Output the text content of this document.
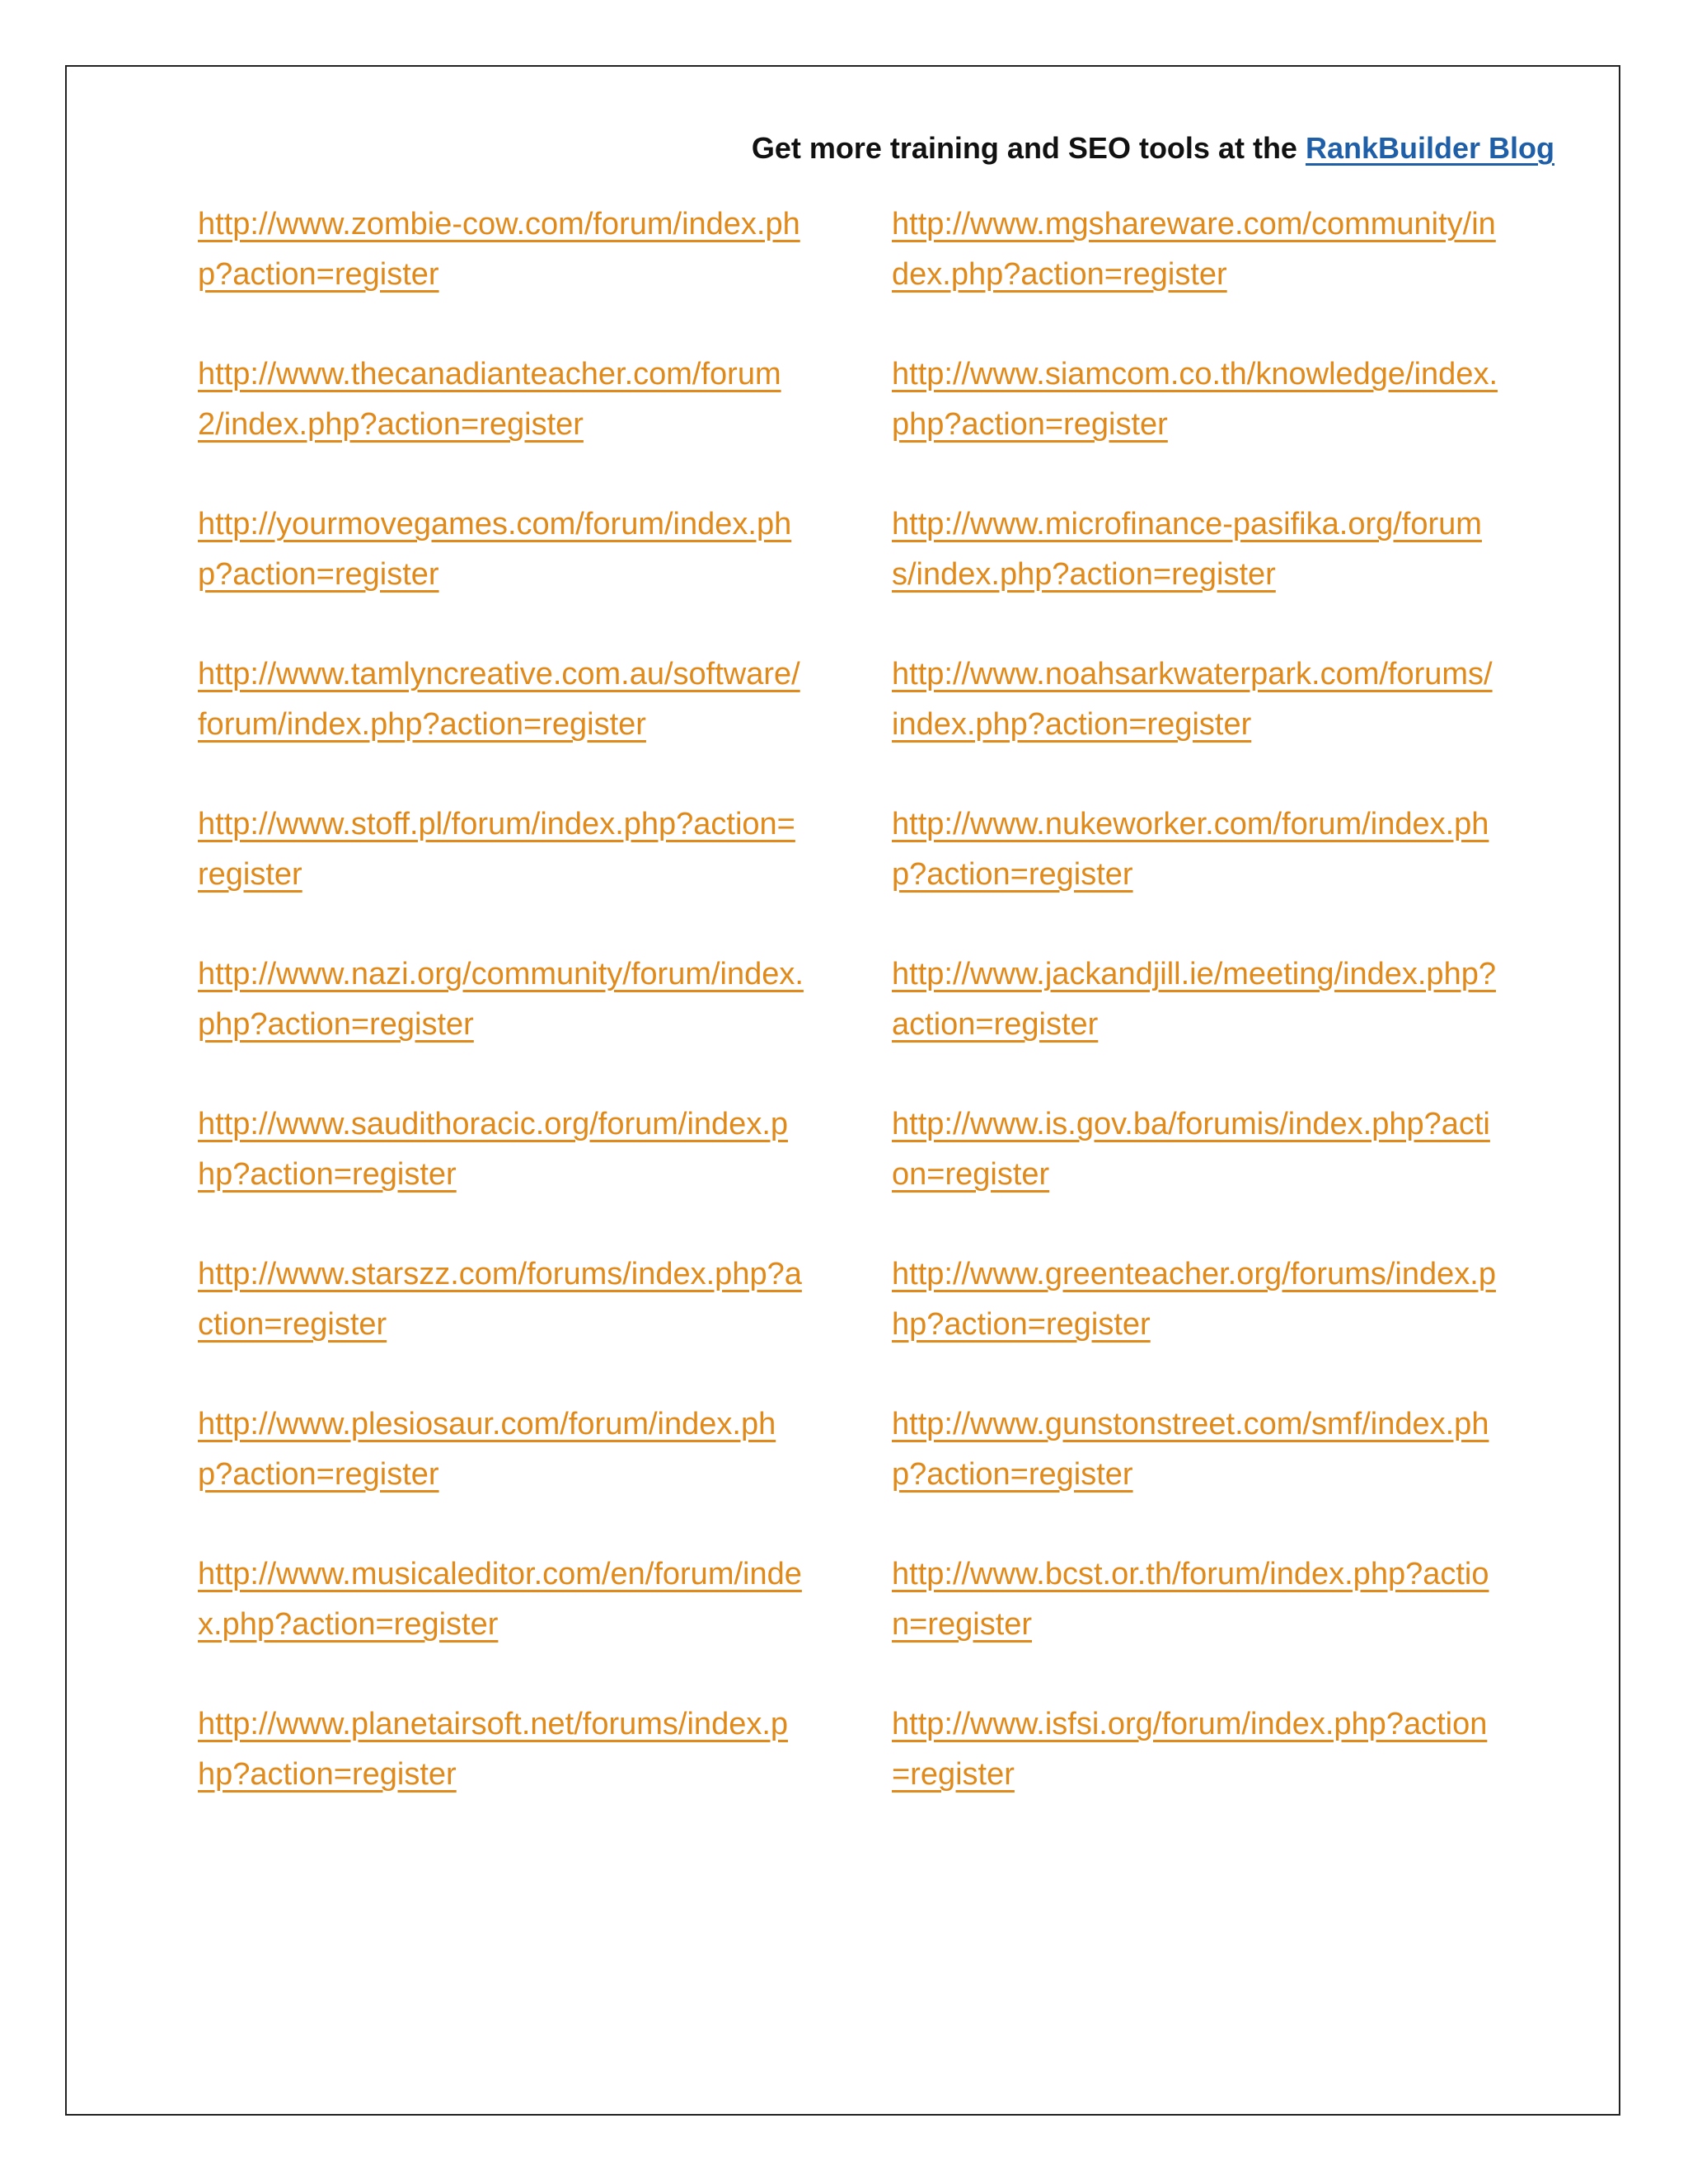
Get more training and SEO tools at the RankBuilder Blog
http://www.zombie-cow.com/forum/index.php?action=register
http://www.thecanadianteacher.com/forum2/index.php?action=register
http://yourmovegames.com/forum/index.php?action=register
http://www.tamlyncreative.com.au/software/forum/index.php?action=register
http://www.stoff.pl/forum/index.php?action=register
http://www.nazi.org/community/forum/index.php?action=register
http://www.saudithoracic.org/forum/index.php?action=register
http://www.starszz.com/forums/index.php?action=register
http://www.plesiosaur.com/forum/index.php?action=register
http://www.musicaleditor.com/en/forum/index.php?action=register
http://www.planetairsoft.net/forums/index.php?action=register
http://www.mgshareware.com/community/index.php?action=register
http://www.siamcom.co.th/knowledge/index.php?action=register
http://www.microfinance-pasifika.org/forums/index.php?action=register
http://www.noahsarkwaterpark.com/forums/index.php?action=register
http://www.nukeworker.com/forum/index.php?action=register
http://www.jackandjill.ie/meeting/index.php?action=register
http://www.is.gov.ba/forumis/index.php?action=register
http://www.greenteacher.org/forums/index.php?action=register
http://www.gunstonstreet.com/smf/index.php?action=register
http://www.bcst.or.th/forum/index.php?action=register
http://www.isfsi.org/forum/index.php?action=register
